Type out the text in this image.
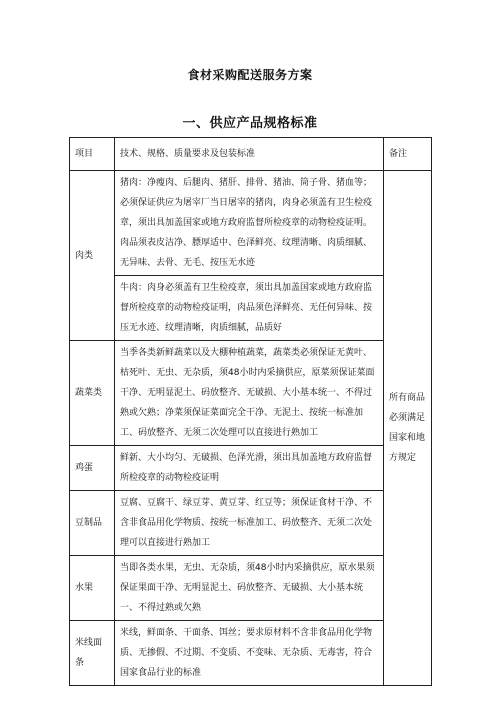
食材采购配送服务方案
一、供应产品规格标准
项目	技术、规格、质量要求及包装标准	备注
肉类	猪肉：净瘦肉、后腿肉、猪肝、排骨、猪油、筒子骨、猪血等；必须保证供应为屠宰厂当日屠宰的猪肉，肉身必须盖有卫生检疫章，须出具加盖国家或地方政府监督所检疫章的动物检疫证明。肉品须表皮洁净、膘厚适中、色泽鲜亮、纹理清晰、肉质细腻、无异味、去骨、无毛、按压无水迹	所有商品必须满足国家和地方规定
	牛肉：肉身必须盖有卫生检疫章，须出具加盖国家或地方政府监督所检疫章的动物检疫证明，肉品须色泽鲜亮、无任何异味、按压无水迹、纹理清晰，肉质细腻，品质好	
蔬菜类	当季各类新鲜蔬菜以及大棚种植蔬菜，蔬菜类必须保证无黄叶、枯死叶、无虫、无杂质，须48小时内采摘供应，原菜须保证菜面干净、无明显泥土、码放整齐、无破损、大小基本统一、不得过熟或欠熟；净菜须保证菜面完全干净、无泥土、按统一标准加工、码放整齐、无须二次处理可以直接进行熟加工	
鸡蛋	鲜新、大小均匀、无破损、色泽光滑，须出具加盖地方政府监督所检疫章的动物检疫证明	
豆制品	豆腐、豆腐干、绿豆芽、黄豆芽、红豆等；须保证食材干净、不含非食品用化学物质、按统一标准加工、码放整齐、无须二次处理可以直接进行熟加工	
水果	当即各类水果，无虫、无杂质，须48小时内采摘供应，原水果须保证果面干净、无明显泥土、码放整齐、无破损、大小基本统一、不得过熟或欠熟	
米线面条	米线，鲜面条、干面条、饵丝；要求原材料不含非食品用化学物质、无掺假、不过期、不变质、不变味、无杂质、无毒害，符合国家食品行业的标准	
